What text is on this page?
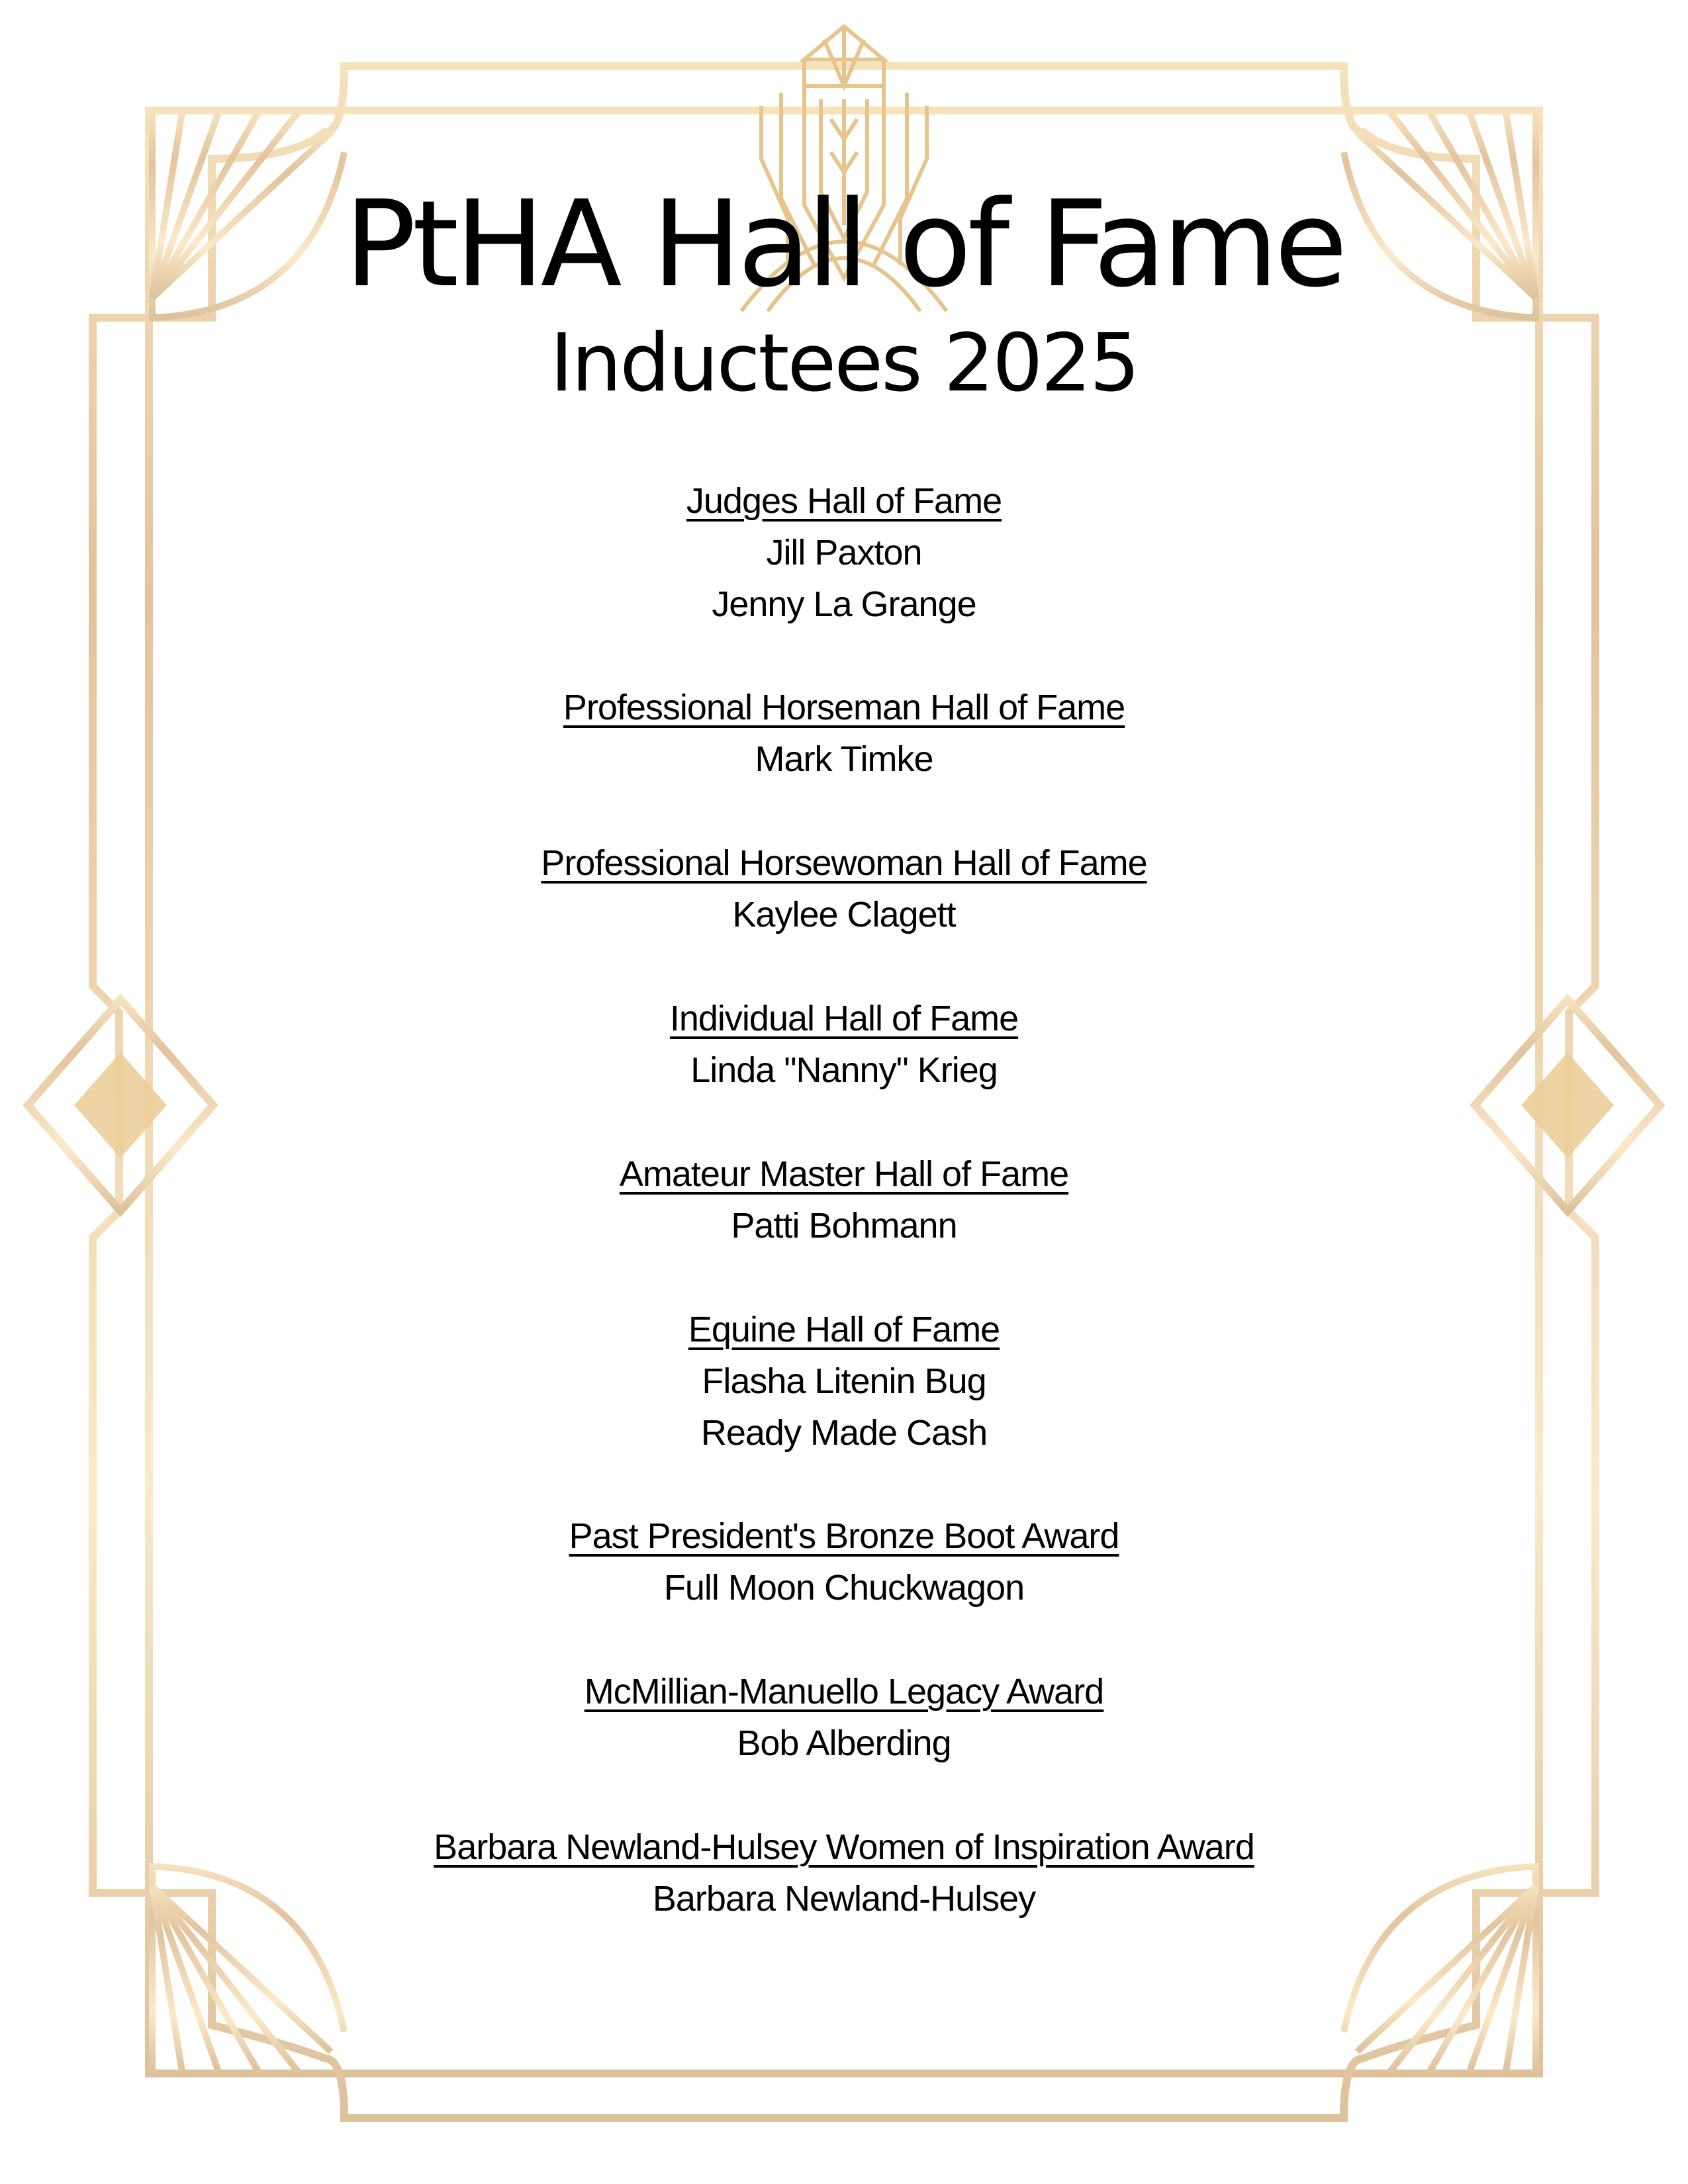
PtHA Hall of Fame
Inductees 2025
Judges Hall of Fame
Jill Paxton
Jenny La Grange
Professional Horseman Hall of Fame
Mark Timke
Professional Horsewoman Hall of Fame
Kaylee Clagett
Individual Hall of Fame
Linda "Nanny" Krieg
Amateur Master Hall of Fame
Patti Bohmann
Equine Hall of Fame
Flasha Litenin Bug
Ready Made Cash
Past President's Bronze Boot Award
Full Moon Chuckwagon
McMillian-Manuello Legacy Award
Bob Alberding
Barbara Newland-Hulsey Women of Inspiration Award
Barbara Newland-Hulsey
